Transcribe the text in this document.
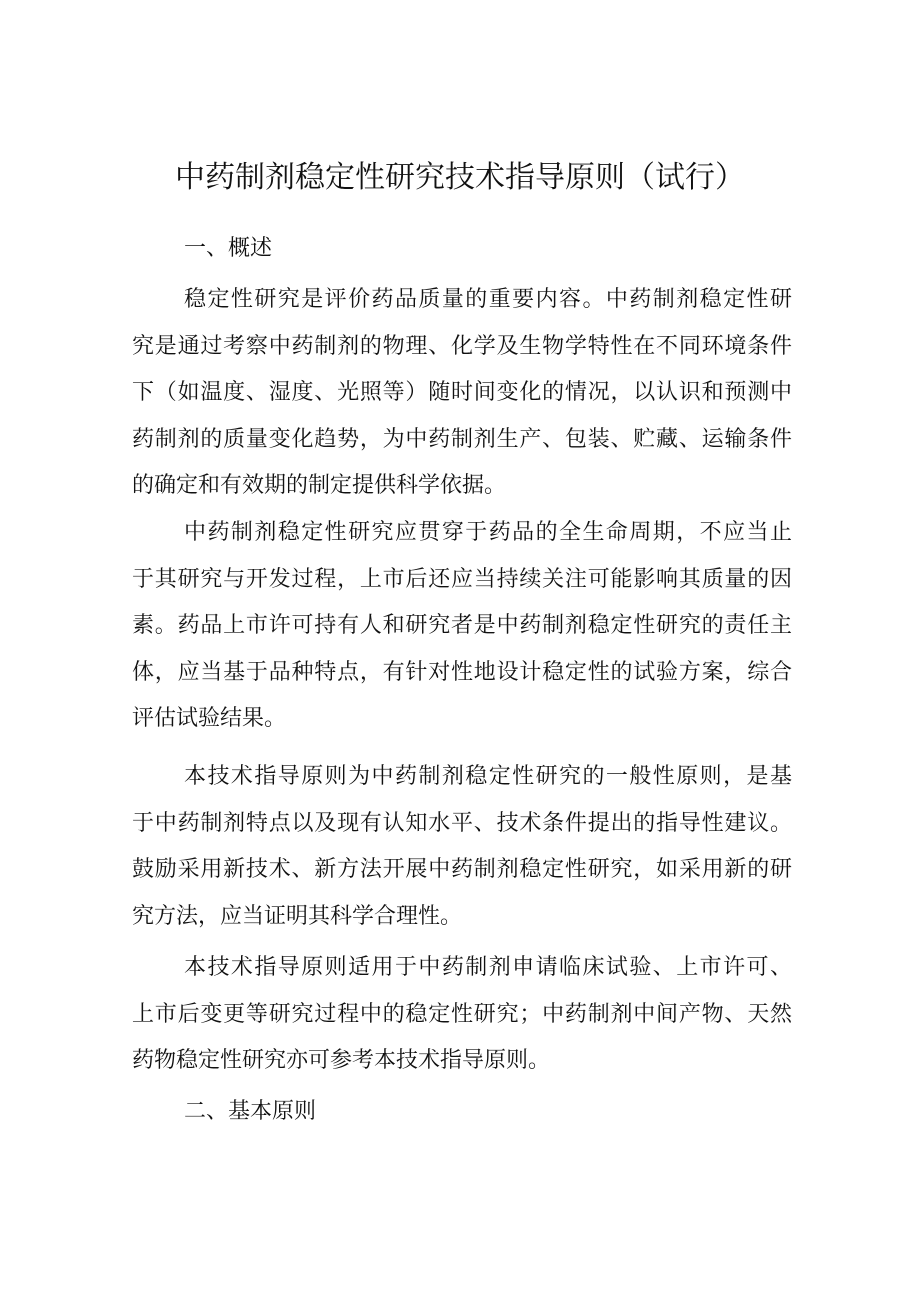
中药制剂稳定性研究技术指导原则（试行）
一、概述
稳定性研究是评价药品质量的重要内容。中药制剂稳定性研
究是通过考察中药制剂的物理、化学及生物学特性在不同环境条件
下（如温度、湿度、光照等）随时间变化的情况，以认识和预测中
药制剂的质量变化趋势，为中药制剂生产、包装、贮藏、运输条件
的确定和有效期的制定提供科学依据。
中药制剂稳定性研究应贯穿于药品的全生命周期，不应当止
于其研究与开发过程，上市后还应当持续关注可能影响其质量的因
素。药品上市许可持有人和研究者是中药制剂稳定性研究的责任主
体，应当基于品种特点，有针对性地设计稳定性的试验方案，综合
评估试验结果。
本技术指导原则为中药制剂稳定性研究的一般性原则，是基
于中药制剂特点以及现有认知水平、技术条件提出的指导性建议。
鼓励采用新技术、新方法开展中药制剂稳定性研究，如采用新的研
究方法，应当证明其科学合理性。
本技术指导原则适用于中药制剂申请临床试验、上市许可、
上市后变更等研究过程中的稳定性研究；中药制剂中间产物、天然
药物稳定性研究亦可参考本技术指导原则。
二、基本原则
